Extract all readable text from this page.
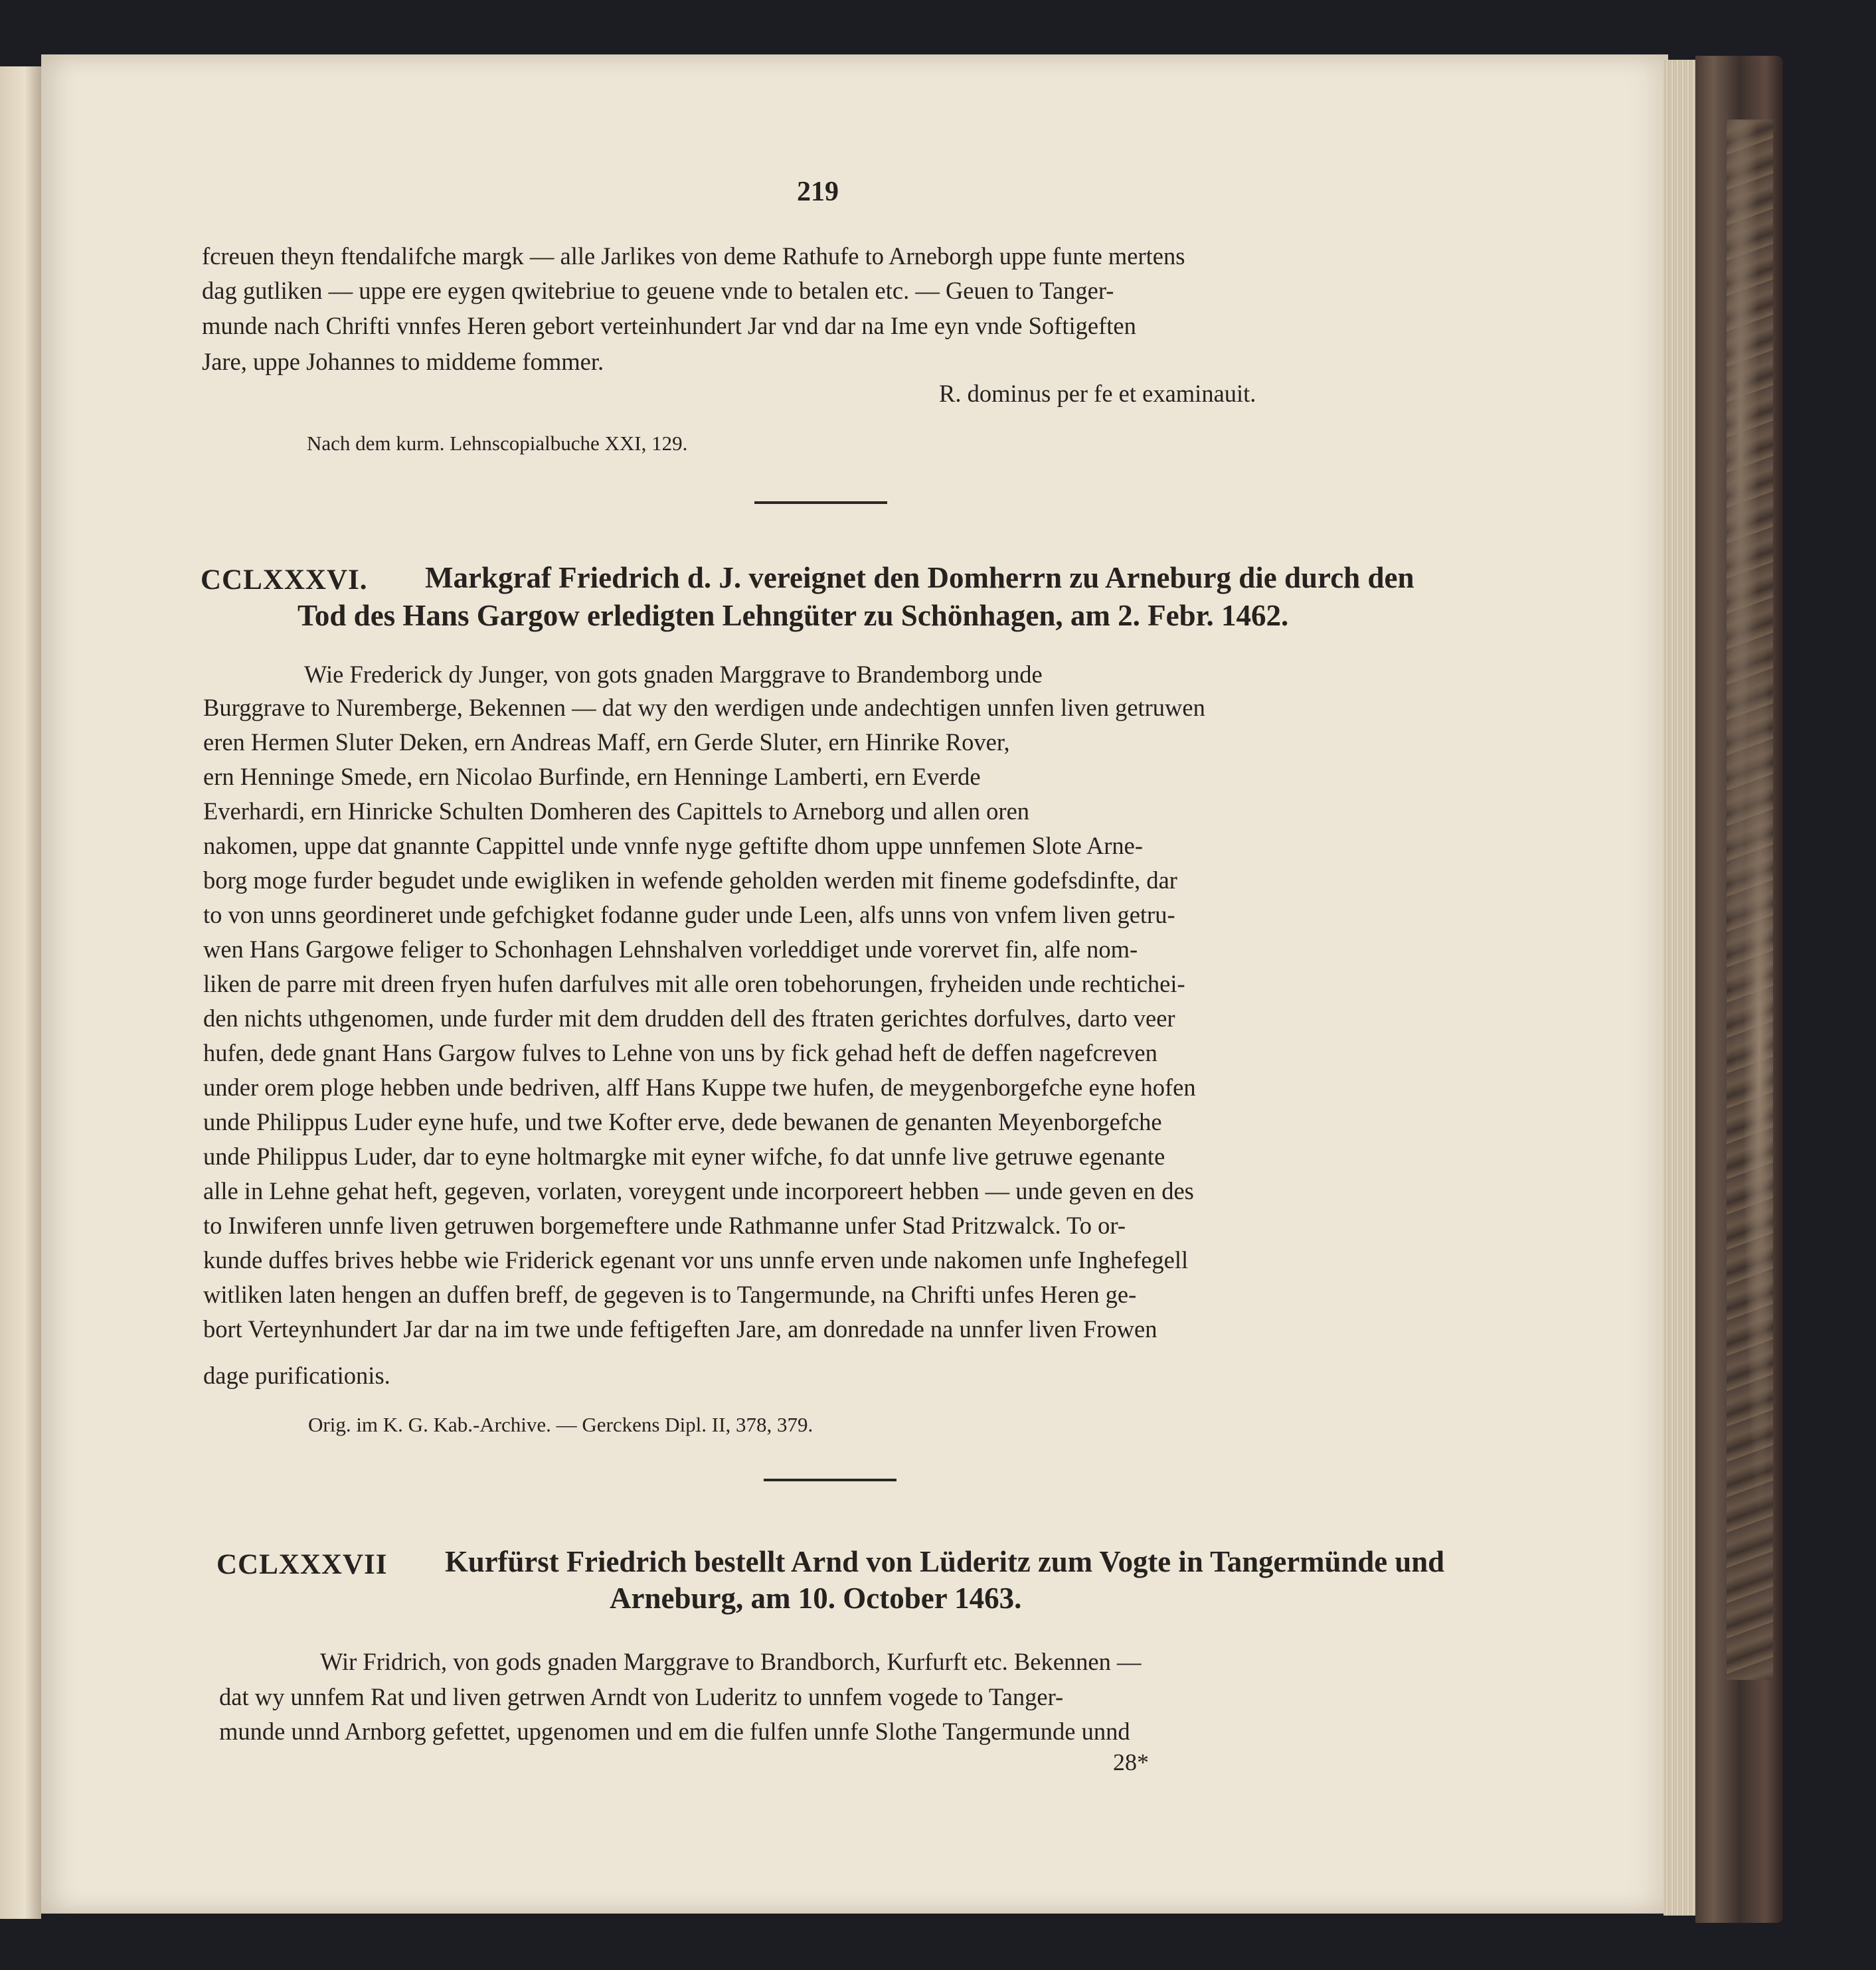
219
fcreuen theyn ftendalifche margk — alle Jarlikes von deme Rathufe to Arneborgh uppe funte mertens
dag gutliken — uppe ere eygen qwitebriue to geuene vnde to betalen etc. — Geuen to Tanger-
munde nach Chrifti vnnfes Heren gebort verteinhundert Jar vnd dar na Ime eyn vnde Softigeften
Jare, uppe Johannes to middeme fommer.
R. dominus per fe et examinauit.
Nach dem kurm. Lehnscopialbuche XXI, 129.
CCLXXXVI. Markgraf Friedrich d. J. vereignet den Domherrn zu Arneburg die durch den
Tod des Hans Gargow erledigten Lehngüter zu Schönhagen, am 2. Febr. 1462.
Wie Frederick dy Junger, von gots gnaden Marggrave to Brandemborg unde
Burggrave to Nuremberge, Bekennen — dat wy den werdigen unde andechtigen unnfen liven getruwen
eren Hermen Sluter Deken, ern Andreas Maff, ern Gerde Sluter, ern Hinrike Rover,
ern Henninge Smede, ern Nicolao Burfinde, ern Henninge Lamberti, ern Everde
Everhardi, ern Hinricke Schulten Domheren des Capittels to Arneborg und allen oren
nakomen, uppe dat gnannte Cappittel unde vnnfe nyge geftifte dhom uppe unnfemen Slote Arne-
borg moge furder begudet unde ewigliken in wefende geholden werden mit fineme godefsdinfte, dar
to von unns geordineret unde gefchigket fodanne guder unde Leen, alfs unns von vnfem liven getru-
wen Hans Gargowe feliger to Schonhagen Lehnshalven vorleddiget unde vorervet fin, alfe nom-
liken de parre mit dreen fryen hufen darfulves mit alle oren tobehorungen, fryheiden unde rechtichei-
den nichts uthgenomen, unde furder mit dem drudden dell des ftraten gerichtes dorfulves, darto veer
hufen, dede gnant Hans Gargow fulves to Lehne von uns by fick gehad heft de deffen nagefcreven
under orem ploge hebben unde bedriven, alff Hans Kuppe twe hufen, de meygenborgefche eyne hofen
unde Philippus Luder eyne hufe, und twe Kofter erve, dede bewanen de genanten Meyenborgefche
unde Philippus Luder, dar to eyne holtmargke mit eyner wifche, fo dat unnfe live getruwe egenante
alle in Lehne gehat heft, gegeven, vorlaten, voreygent unde incorporeert hebben — unde geven en des
to Inwiferen unnfe liven getruwen borgemeftere unde Rathmanne unfer Stad Pritzwalck. To or-
kunde duffes brives hebbe wie Friderick egenant vor uns unnfe erven unde nakomen unfe Inghefegell
witliken laten hengen an duffen breff, de gegeven is to Tangermunde, na Chrifti unfes Heren ge-
bort Verteynhundert Jar dar na im twe unde feftigeften Jare, am donredade na unnfer liven Frowen
dage purificationis.
Orig. im K. G. Kab.-Archive. — Gerckens Dipl. II, 378, 379.
CCLXXXVII Kurfürst Friedrich bestellt Arnd von Lüderitz zum Vogte in Tangermünde und
Arneburg, am 10. October 1463.
Wir Fridrich, von gods gnaden Marggrave to Brandborch, Kurfurft etc. Bekennen —
dat wy unnfem Rat und liven getrwen Arndt von Luderitz to unnfem vogede to Tanger-
munde unnd Arnborg gefettet, upgenomen und em die fulfen unnfe Slothe Tangermunde unnd
28*
